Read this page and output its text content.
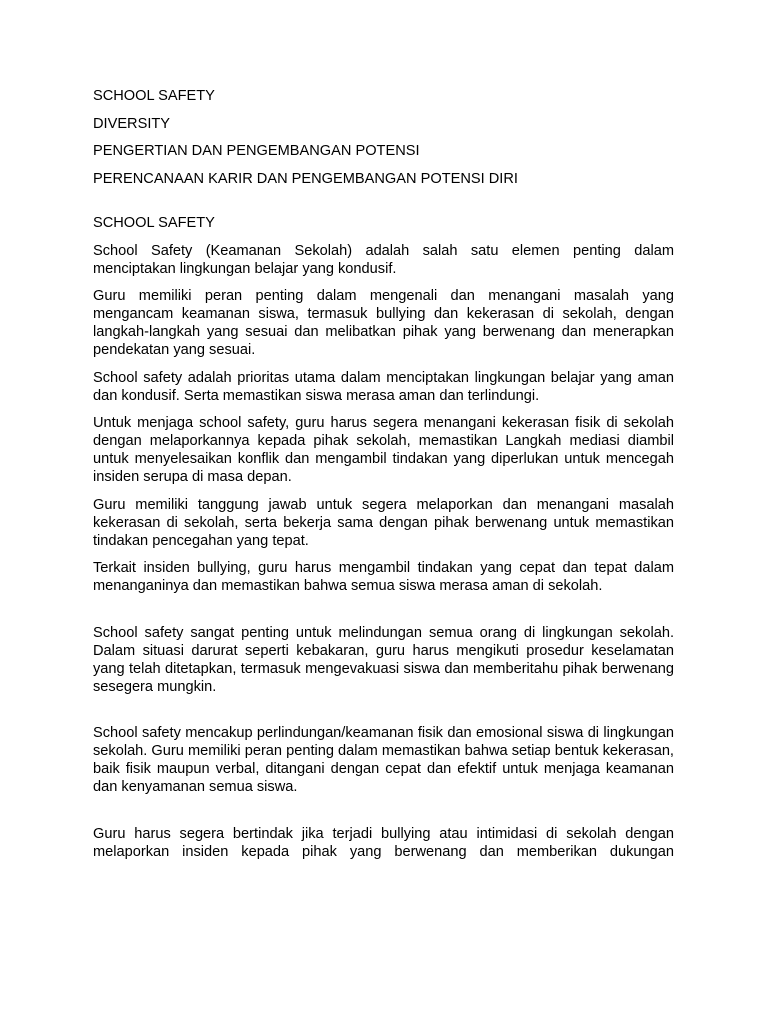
SCHOOL SAFETY

DIVERSITY

PENGERTIAN DAN PENGEMBANGAN POTENSI

PERENCANAAN KARIR DAN PENGEMBANGAN POTENSI DIRI

SCHOOL SAFETY

School Safety (Keamanan Sekolah) adalah salah satu elemen penting dalam menciptakan lingkungan belajar yang kondusif.

Guru memiliki peran penting dalam mengenali dan menangani masalah yang mengancam keamanan siswa, termasuk bullying dan kekerasan di sekolah, dengan langkah-langkah yang sesuai dan melibatkan pihak yang berwenang dan menerapkan pendekatan yang sesuai.

School safety adalah prioritas utama dalam menciptakan lingkungan belajar yang aman dan kondusif. Serta memastikan siswa merasa aman dan terlindungi.

Untuk menjaga school safety, guru harus segera menangani kekerasan fisik di sekolah dengan melaporkannya kepada pihak sekolah, memastikan Langkah mediasi diambil untuk menyelesaikan konflik dan mengambil tindakan yang diperlukan untuk mencegah insiden serupa di masa depan.

Guru memiliki tanggung jawab untuk segera melaporkan dan menangani masalah kekerasan di sekolah, serta bekerja sama dengan pihak berwenang untuk memastikan tindakan pencegahan yang tepat.

Terkait insiden bullying, guru harus mengambil tindakan yang cepat dan tepat dalam menanganinya dan memastikan bahwa semua siswa merasa aman di sekolah.

School safety sangat penting untuk melindungan semua orang di lingkungan sekolah. Dalam situasi darurat seperti kebakaran, guru harus mengikuti prosedur keselamatan yang telah ditetapkan, termasuk mengevakuasi siswa dan memberitahu pihak berwenang sesegera mungkin.

School safety mencakup perlindungan/keamanan fisik dan emosional siswa di lingkungan sekolah. Guru memiliki peran penting dalam memastikan bahwa setiap bentuk kekerasan, baik fisik maupun verbal, ditangani dengan cepat dan efektif untuk menjaga keamanan dan kenyamanan semua siswa.

Guru harus segera bertindak jika terjadi bullying atau intimidasi di sekolah dengan melaporkan insiden kepada pihak yang berwenang dan memberikan dukungan
